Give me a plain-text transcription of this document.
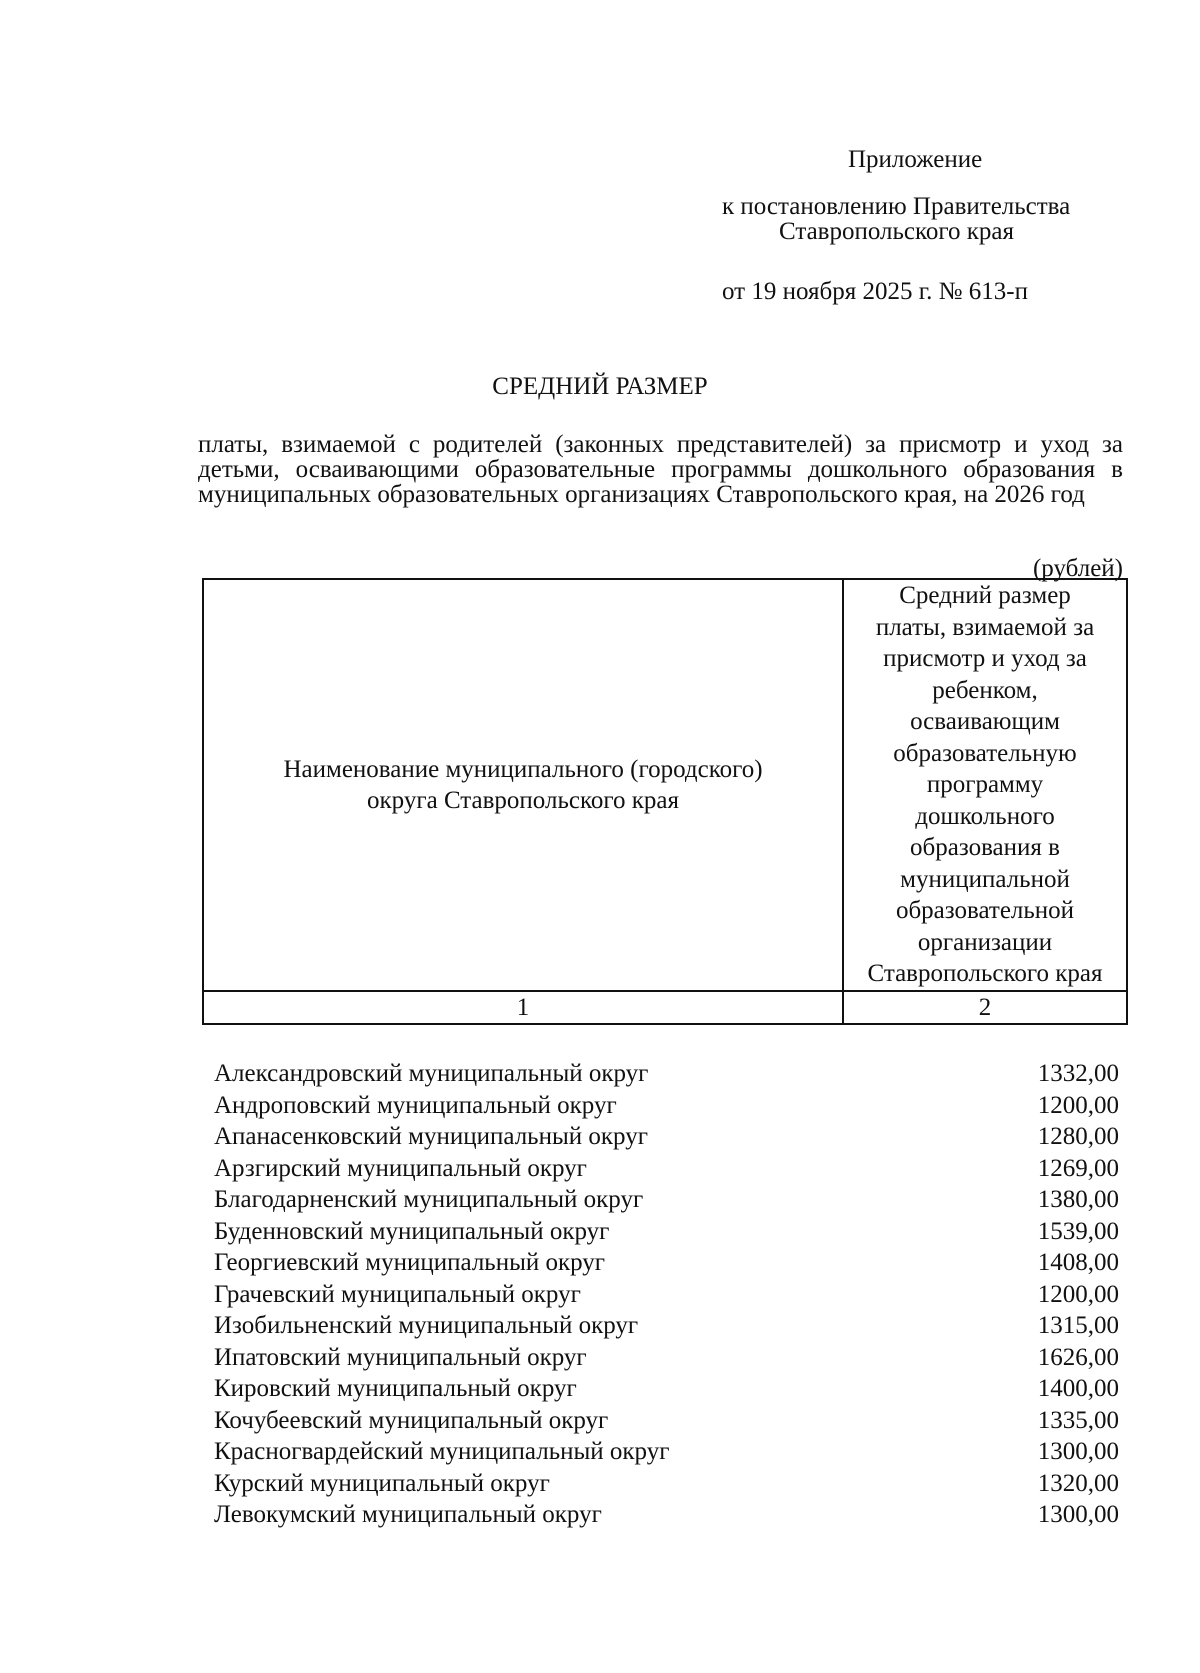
Приложение
к постановлению Правительства
Ставропольского края
от 19 ноября 2025 г. № 613-п
СРЕДНИЙ РАЗМЕР
платы, взимаемой с родителей (законных представителей) за присмотр и уход за детьми, осваивающими образовательные программы дошкольного образования в муниципальных образовательных организациях Ставропольского края, на 2026 год
(рублей)
Наименование муниципального (городского) округа Ставропольского края	Средний размер платы, взимаемой за присмотр и уход за ребенком, осваивающим образовательную программу дошкольного образования в муниципальной образовательной организации Ставропольского края

1	2
Александровский муниципальный округ	1332,00
Андроповский муниципальный округ	1200,00
Апанасенковский муниципальный округ	1280,00
Арзгирский муниципальный округ	1269,00
Благодарненский муниципальный округ	1380,00
Буденновский муниципальный округ	1539,00
Георгиевский муниципальный округ	1408,00
Грачевский муниципальный округ	1200,00
Изобильненский муниципальный округ	1315,00
Ипатовский муниципальный округ	1626,00
Кировский муниципальный округ	1400,00
Кочубеевский муниципальный округ	1335,00
Красногвардейский муниципальный округ	1300,00
Курский муниципальный округ	1320,00
Левокумский муниципальный округ	1300,00
